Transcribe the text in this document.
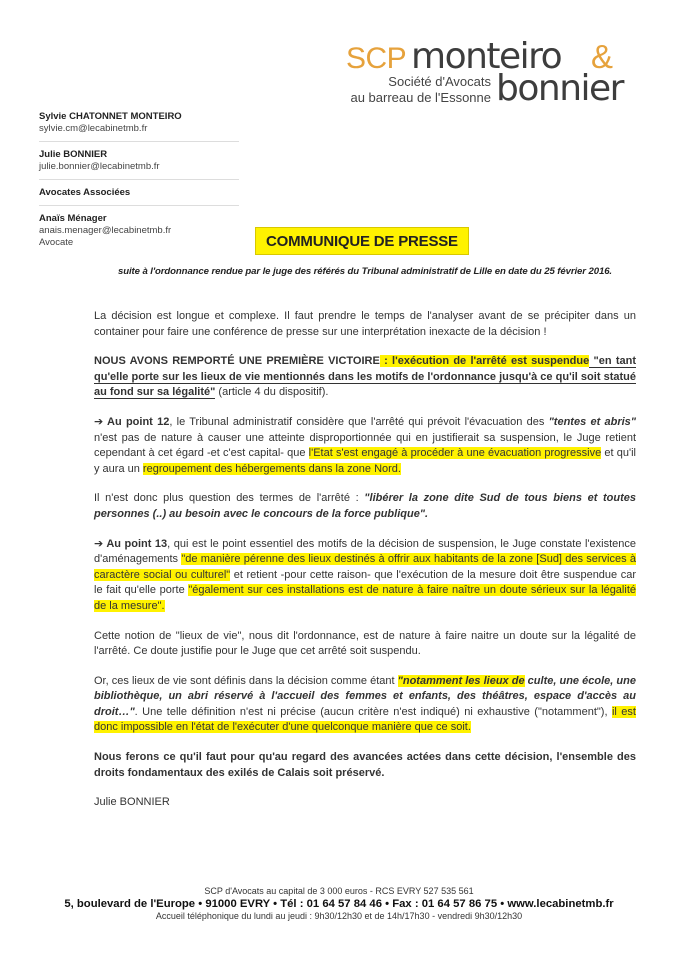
SCP monteiro &
Société d'Avocats
au barreau de l'Essonne bonnier
Sylvie CHATONNET MONTEIRO
sylvie.cm@lecabinetmb.fr
Julie BONNIER
julie.bonnier@lecabinetmb.fr
Avocates Associées
Anaïs Ménager
anais.menager@lecabinetmb.fr
Avocate	COMMUNIQUE DE PRESSE
suite à l'ordonnance rendue par le juge des référés du Tribunal administratif de Lille en date du 25 février 2016.

La décision est longue et complexe. Il faut prendre le temps de l'analyser avant de se précipiter dans un container pour faire une conférence de presse sur une interprétation inexacte de la décision !

NOUS AVONS REMPORTÉ UNE PREMIÈRE VICTOIRE : l'exécution de l'arrêté est suspendue "en tant qu'elle porte sur les lieux de vie mentionnés dans les motifs de l'ordonnance jusqu'à ce qu'il soit statué au fond sur sa légalité" (article 4 du dispositif).

➔ Au point 12, le Tribunal administratif considère que l'arrêté qui prévoit l'évacuation des "tentes et abris" n'est pas de nature à causer une atteinte disproportionnée qui en justifierait sa suspension, le Juge retient cependant à cet égard -et c'est capital- que l'Etat s'est engagé à procéder à une évacuation progressive et qu'il y aura un regroupement des hébergements dans la zone Nord.

Il n'est donc plus question des termes de l'arrêté : "libérer la zone dite Sud de tous biens et toutes personnes (..) au besoin avec le concours de la force publique".

➔ Au point 13, qui est le point essentiel des motifs de la décision de suspension, le Juge constate l'existence d'aménagements "de manière pérenne des lieux destinés à offrir aux habitants de la zone [Sud] des services à caractère social ou culturel" et retient -pour cette raison- que l'exécution de la mesure doit être suspendue car le fait qu'elle porte "également sur ces installations est de nature à faire naître un doute sérieux sur la légalité de la mesure".

Cette notion de "lieux de vie", nous dit l'ordonnance, est de nature à faire naitre un doute sur la légalité de l'arrêté. Ce doute justifie pour le Juge que cet arrêté soit suspendu.

Or, ces lieux de vie sont définis dans la décision comme étant "notamment les lieux de culte, une école, une bibliothèque, un abri réservé à l'accueil des femmes et enfants, des théâtres, espace d'accès au droit…". Une telle définition n'est ni précise (aucun critère n'est indiqué) ni exhaustive ("notamment"), il est donc impossible en l'état de l'exécuter d'une quelconque manière que ce soit.

Nous ferons ce qu'il faut pour qu'au regard des avancées actées dans cette décision, l'ensemble des droits fondamentaux des exilés de Calais soit préservé.

Julie BONNIER

SCP d'Avocats au capital de 3 000 euros - RCS EVRY 527 535 561
5, boulevard de l'Europe • 91000 EVRY • Tél : 01 64 57 84 46 • Fax : 01 64 57 86 75 • www.lecabinetmb.fr
Accueil téléphonique du lundi au jeudi : 9h30/12h30 et de 14h/17h30 - vendredi 9h30/12h30
